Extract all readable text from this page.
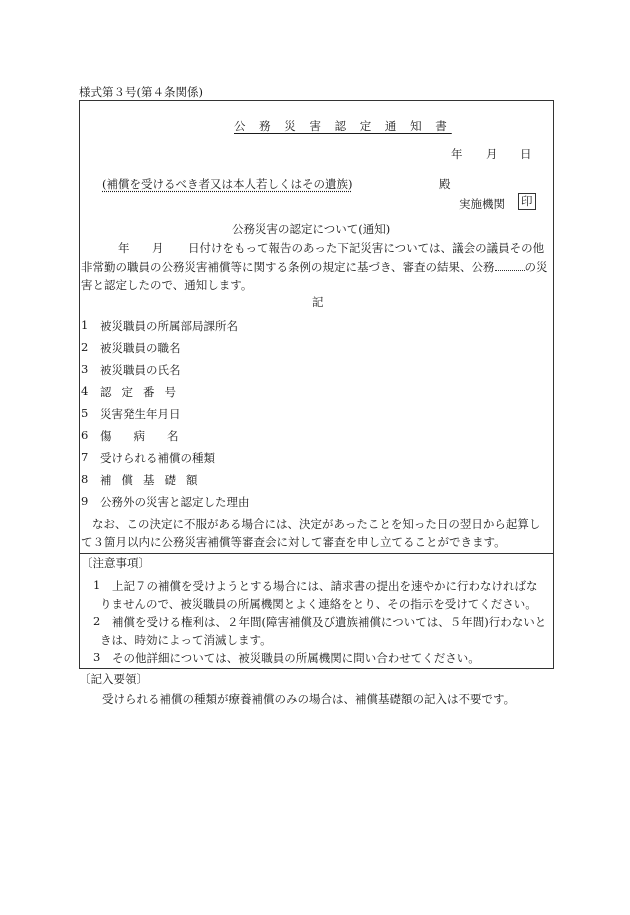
様式第３号(第４条関係)
公 務 災 害 認 定 通 知 書
年 月 日
(補償を受けるべき者又は本人若しくはその遺族)	殿
実施機関 印
公務災害の認定について(通知)
年 月 日付けをもって報告のあった下記災害については、議会の議員その他
非常勤の職員の公務災害補償等に関する条例の規定に基づき、審査の結果、公務	の災
害と認定したので、通知します。
記
1 被災職員の所属部局課所名
2 被災職員の職名
3 被災職員の氏名
4 認定番号
5 災害発生年月日
6 傷病名
7 受けられる補償の種類
8 補償基礎額
9 公務外の災害と認定した理由
なお、この決定に不服がある場合には、決定があったことを知った日の翌日から起算し
て３箇月以内に公務災害補償等審査会に対して審査を申し立てることができます。
〔注意事項〕
1 上記７の補償を受けようとする場合には、請求書の提出を速やかに行わなければな
りませんので、被災職員の所属機関とよく連絡をとり、その指示を受けてください。
2 補償を受ける権利は、２年間(障害補償及び遺族補償については、５年間)行わないと
きは、時効によって消滅します。
3 その他詳細については、被災職員の所属機関に問い合わせてください。
〔記入要領〕
受けられる補償の種類が療養補償のみの場合は、補償基礎額の記入は不要です。
